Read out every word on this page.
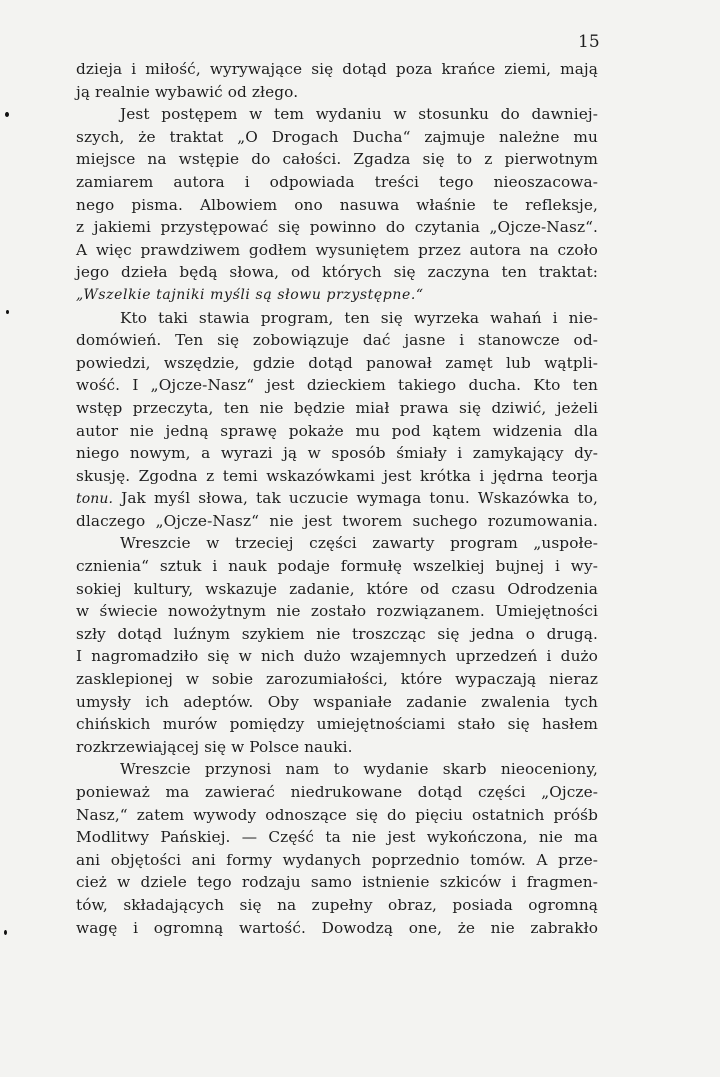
15
dzieja i miłość, wyrywające się dotąd poza krańce ziemi, mają
ją realnie wybawić od złego.
Jest postępem w tem wydaniu w stosunku do dawniej-
szych, że traktat „O Drogach Ducha“ zajmuje należne mu
miejsce na wstępie do całości. Zgadza się to z pierwotnym
zamiarem autora i odpowiada treści tego nieoszacowa-
nego pisma. Albowiem ono nasuwa właśnie te refleksje,
z jakiemi przystępować się powinno do czytania „Ojcze-Nasz“.
A więc prawdziwem godłem wysuniętem przez autora na czoło
jego dzieła będą słowa, od których się zaczyna ten traktat:
„Wszelkie tajniki myśli są słowu przystępne.“
Kto taki stawia program, ten się wyrzeka wahań i nie-
domówień. Ten się zobowiązuje dać jasne i stanowcze od-
powiedzi, wszędzie, gdzie dotąd panował zamęt lub wątpli-
wość. I „Ojcze-Nasz“ jest dzieckiem takiego ducha. Kto ten
wstęp przeczyta, ten nie będzie miał prawa się dziwić, jeżeli
autor nie jedną sprawę pokaże mu pod kątem widzenia dla
niego nowym, a wyrazi ją w sposób śmiały i zamykający dy-
skusję. Zgodna z temi wskazówkami jest krótka i jędrna teorja
tonu. Jak myśl słowa, tak uczucie wymaga tonu. Wskazówka to,
dlaczego „Ojcze-Nasz“ nie jest tworem suchego rozumowania.
Wreszcie w trzeciej części zawarty program „uspołe-
cznienia“ sztuk i nauk podaje formułę wszelkiej bujnej i wy-
sokiej kultury, wskazuje zadanie, które od czasu Odrodzenia
w świecie nowożytnym nie zostało rozwiązanem. Umiejętności
szły dotąd luźnym szykiem nie troszcząc się jedna o drugą.
I nagromadziło się w nich dużo wzajemnych uprzedzeń i dużo
zasklepionej w sobie zarozumiałości, które wypaczają nieraz
umysły ich adeptów. Oby wspaniałe zadanie zwalenia tych
chińskich murów pomiędzy umiejętnościami stało się hasłem
rozkrzewiającej się w Polsce nauki.
Wreszcie przynosi nam to wydanie skarb nieoceniony,
ponieważ ma zawierać niedrukowane dotąd części „Ojcze-
Nasz,“ zatem wywody odnoszące się do pięciu ostatnich próśb
Modlitwy Pańskiej. — Część ta nie jest wykończona, nie ma
ani objętości ani formy wydanych poprzednio tomów. A prze-
cież w dziele tego rodzaju samo istnienie szkiców i fragmen-
tów, składających się na zupełny obraz, posiada ogromną
wagę i ogromną wartość. Dowodzą one, że nie zabrakło
